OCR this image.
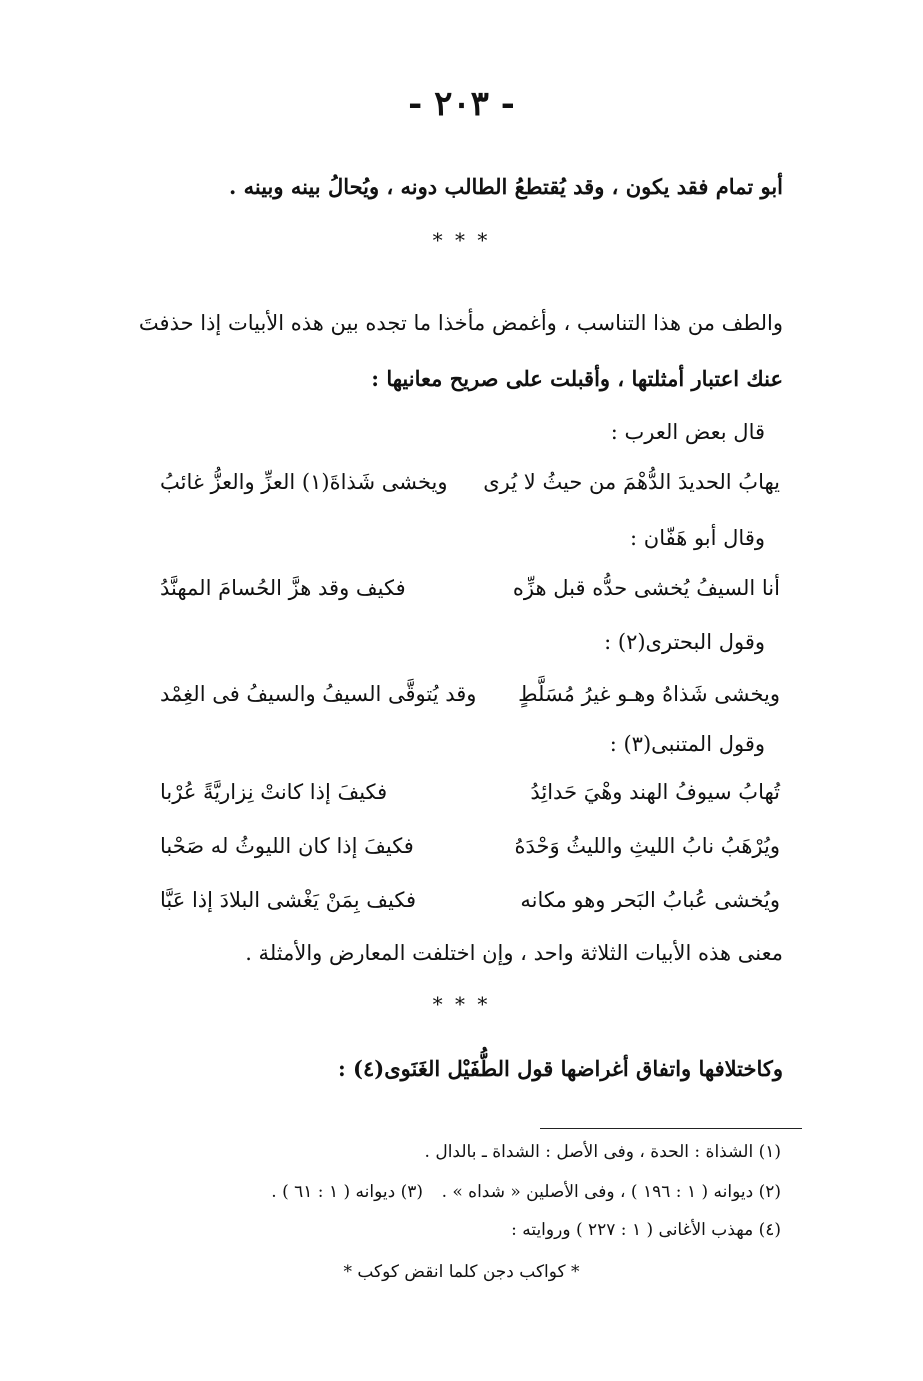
- ٢٠٣ -
أبو تمام فقد يكون ، وقد يُقتطعُ الطالب دونه ، ويُحالُ بينه وبينه .
* * *
والطف من هذا التناسب ، وأغمض مأخذا ما تجده بين هذه الأبيات إذا حذفتَ
عنك اعتبار أمثلتها ، وأقبلت على صريح معانيها :
قال بعض العرب :
يهابُ الحديدَ الدُّهْمَ من حيثُ لا يُرى
ويخشى شَذاةَ(١) العزِّ والعزُّ غائبُ
وقال أبو هَفّان :
أنا السيفُ يُخشى حدُّه قبل هزِّه
فكيف وقد هزَّ الحُسامَ المهنَّدُ
وقول البحترى(٢) :
ويخشى شَذاهُ وهـو غيرُ مُسَلَّطٍ
وقد يُتوقَّى السيفُ والسيفُ فى الغِمْد
وقول المتنبى(٣) :
تُهابُ سيوفُ الهند وهْيَ حَدائِدُ
فكيفَ إذا كانتْ نِزاريَّةً عُرْبا
ويُرْهَبُ نابُ الليثِ والليثُ وَحْدَهُ
فكيفَ إذا كان الليوثُ له صَحْبا
ويُخشى عُبابُ البَحر وهو مكانه
فكيف بِمَنْ يَغْشى البلادَ إذا عَبَّا
معنى هذه الأبيات الثلاثة واحد ، وإن اختلفت المعارض والأمثلة .
* * *
وكاختلافها واتفاق أغراضها قول الطُّفَيْل الغَنَوى(٤) :
(١) الشذاة : الحدة ، وفى الأصل : الشداة ـ بالدال .
(٢) ديوانه ( ١ : ١٩٦ ) ، وفى الأصلين « شداه » .
(٣) ديوانه ( ١ : ٦١ ) .
(٤) مهذب الأغانى ( ١ : ٢٢٧ ) وروايته :
* كواكب دجن كلما انقض كوكب *
